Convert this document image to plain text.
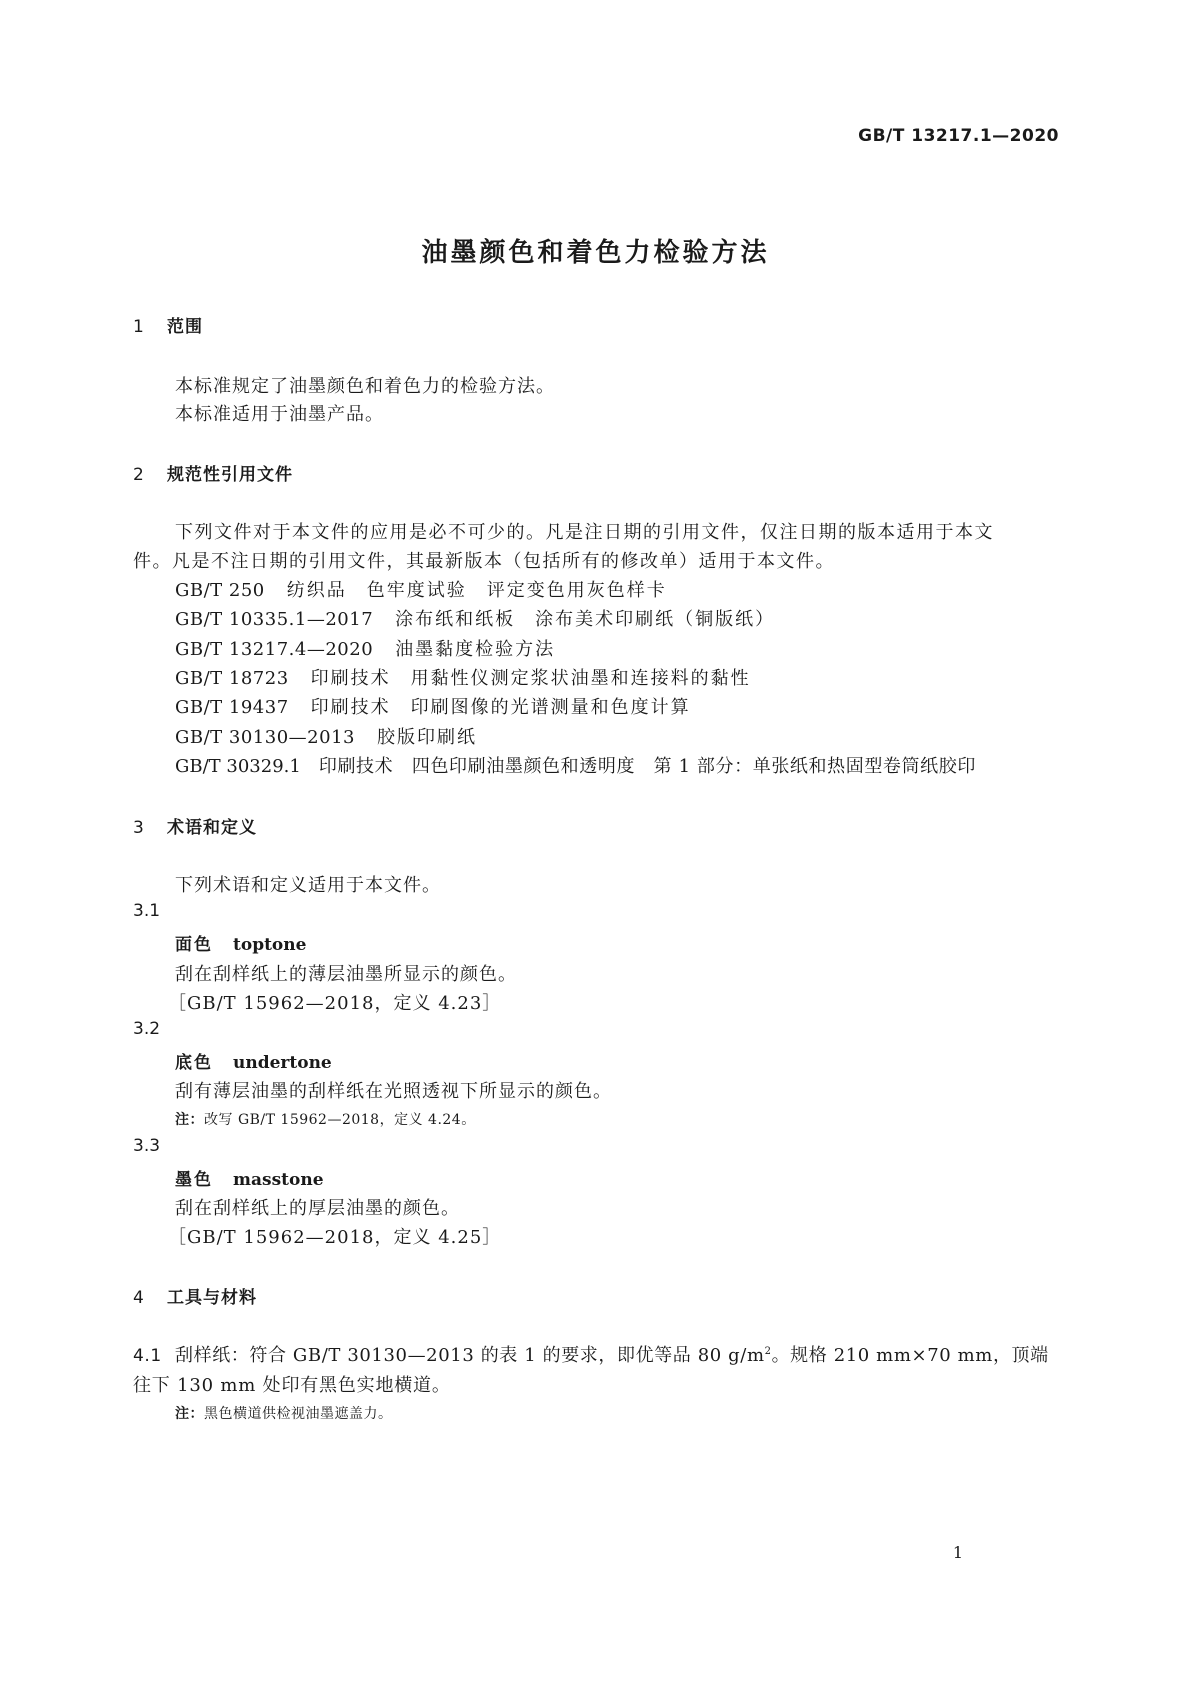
GB/T 13217.1—2020
油墨颜色和着色力检验方法
1 范围
本标准规定了油墨颜色和着色力的检验方法。
本标准适用于油墨产品。
2 规范性引用文件
下列文件对于本文件的应用是必不可少的。凡是注日期的引用文件，仅注日期的版本适用于本文
件。凡是不注日期的引用文件，其最新版本（包括所有的修改单）适用于本文件。
GB/T 250 纺织品　色牢度试验　评定变色用灰色样卡
GB/T 10335.1—2017 涂布纸和纸板　涂布美术印刷纸（铜版纸）
GB/T 13217.4—2020 油墨黏度检验方法
GB/T 18723 印刷技术　用黏性仪测定浆状油墨和连接料的黏性
GB/T 19437 印刷技术　印刷图像的光谱测量和色度计算
GB/T 30130—2013 胶版印刷纸
GB/T 30329.1 印刷技术　四色印刷油墨颜色和透明度　第 1 部分：单张纸和热固型卷筒纸胶印
3 术语和定义
下列术语和定义适用于本文件。
3.1
面色 toptone
刮在刮样纸上的薄层油墨所显示的颜色。
［GB/T 15962—2018，定义 4.23］
3.2
底色 undertone
刮有薄层油墨的刮样纸在光照透视下所显示的颜色。
注：改写 GB/T 15962—2018，定义 4.24。
3.3
墨色 masstone
刮在刮样纸上的厚层油墨的颜色。
［GB/T 15962—2018，定义 4.25］
4 工具与材料
4.1 刮样纸：符合 GB/T 30130—2013 的表 1 的要求，即优等品 80 $g/m^2$。规格 210 mm×70 mm，顶端
往下 130 mm 处印有黑色实地横道。
注：黑色横道供检视油墨遮盖力。
1
